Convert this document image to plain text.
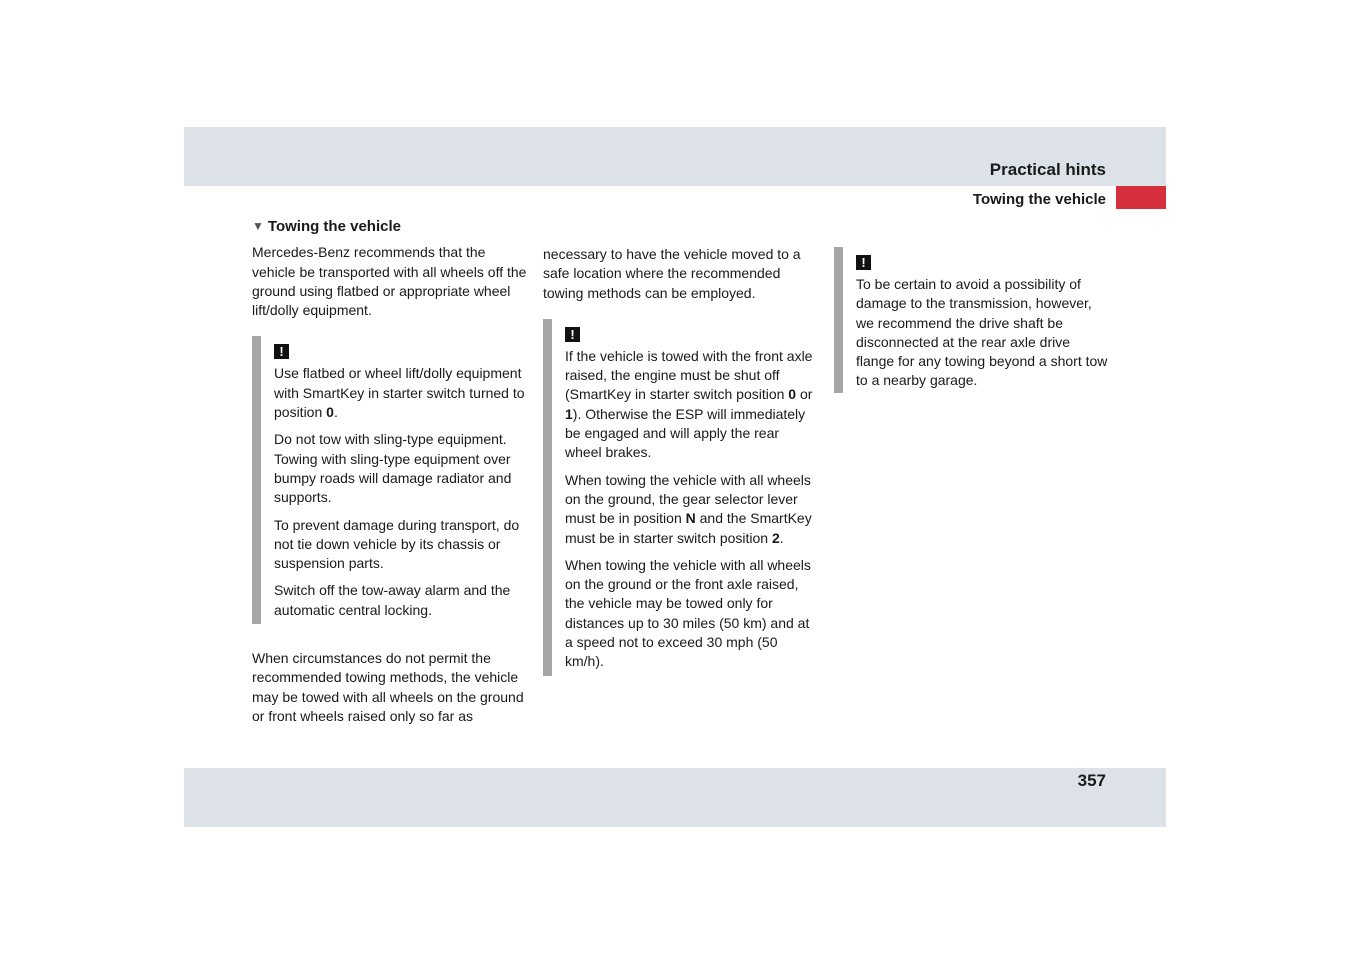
Practical hints
Towing the vehicle
▼ Towing the vehicle

Mercedes-Benz recommends that the vehicle be transported with all wheels off the ground using flatbed or appropriate wheel lift/dolly equipment.

!

Use flatbed or wheel lift/dolly equipment with SmartKey in starter switch turned to position 0.

Do not tow with sling-type equipment. Towing with sling-type equipment over bumpy roads will damage radiator and supports.

To prevent damage during transport, do not tie down vehicle by its chassis or suspension parts.

Switch off the tow-away alarm and the automatic central locking.

When circumstances do not permit the recommended towing methods, the vehicle may be towed with all wheels on the ground or front wheels raised only so far as

necessary to have the vehicle moved to a safe location where the recommended towing methods can be employed.

!

If the vehicle is towed with the front axle raised, the engine must be shut off (SmartKey in starter switch position 0 or 1). Otherwise the ESP will immediately be engaged and will apply the rear wheel brakes.

When towing the vehicle with all wheels on the ground, the gear selector lever must be in position N and the SmartKey must be in starter switch position 2.

When towing the vehicle with all wheels on the ground or the front axle raised, the vehicle may be towed only for distances up to 30 miles (50 km) and at a speed not to exceed 30 mph (50 km/h).

!

To be certain to avoid a possibility of damage to the transmission, however, we recommend the drive shaft be disconnected at the rear axle drive flange for any towing beyond a short tow to a nearby garage.

357
